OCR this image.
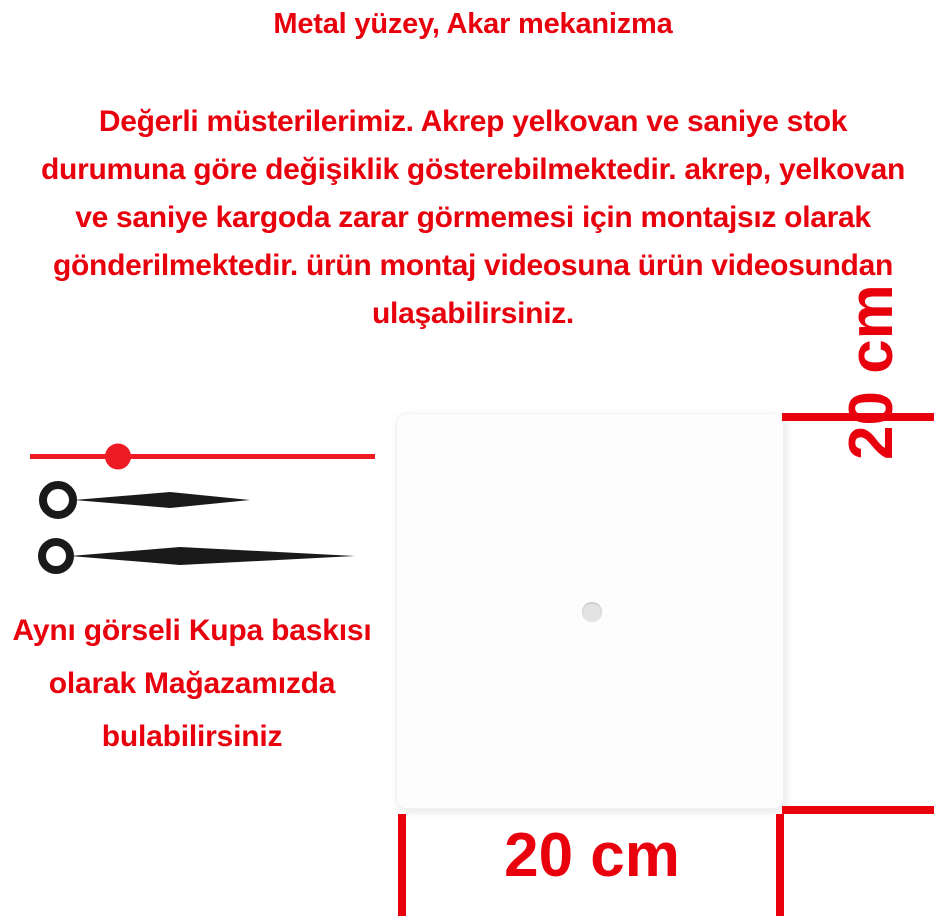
Metal yüzey, Akar mekanizma
Değerli müsterilerimiz. Akrep yelkovan ve saniye stok durumuna göre değişiklik gösterebilmektedir. akrep, yelkovan ve saniye kargoda zarar görmemesi için montajsız olarak gönderilmektedir. ürün montaj videosuna ürün videosundan ulaşabilirsiniz.	20 cm
20 cm
Aynı görseli Kupa baskısı olarak Mağazamızda bulabilirsiniz
